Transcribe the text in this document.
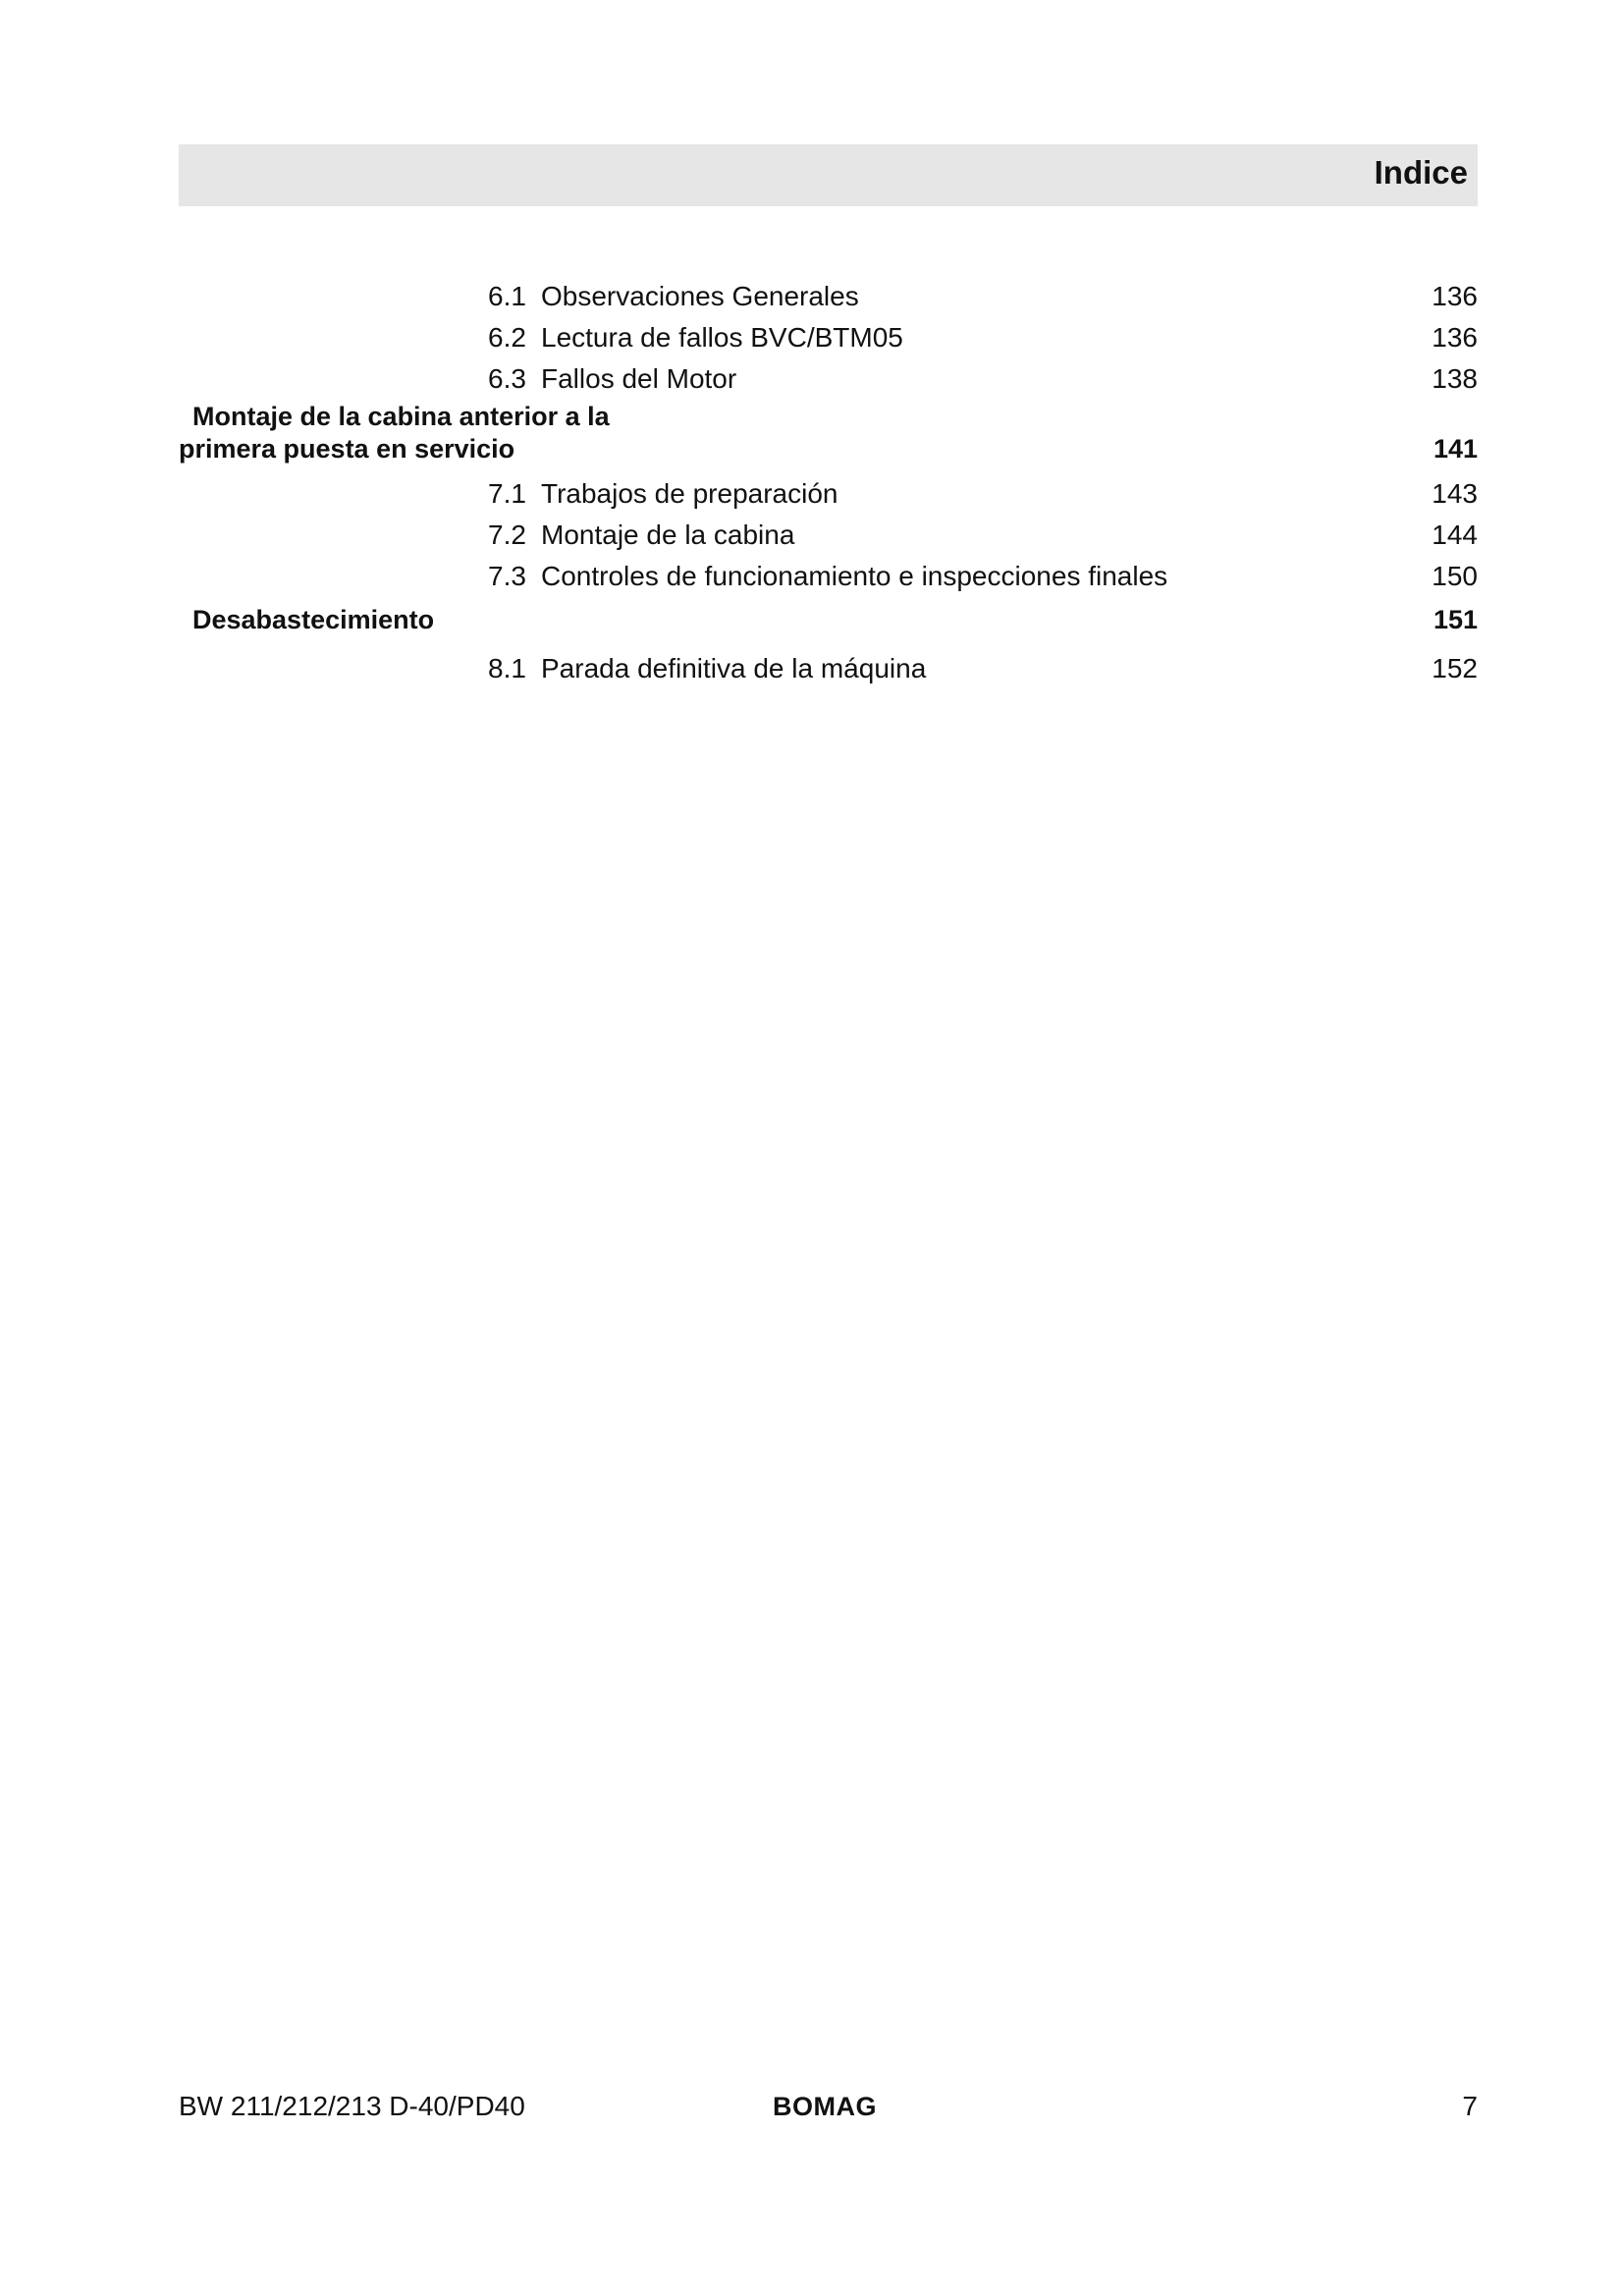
Indice
6.1 Observaciones Generales	136
6.2 Lectura de fallos BVC/BTM05	136
6.3 Fallos del Motor	138
Montaje de la cabina anterior a la primera puesta en servicio	141
7.1 Trabajos de preparación	143
7.2 Montaje de la cabina	144
7.3 Controles de funcionamiento e inspecciones finales	150
Desabastecimiento	151
8.1 Parada definitiva de la máquina	152
BW 211/212/213 D-40/PD40	BOMAG	7
